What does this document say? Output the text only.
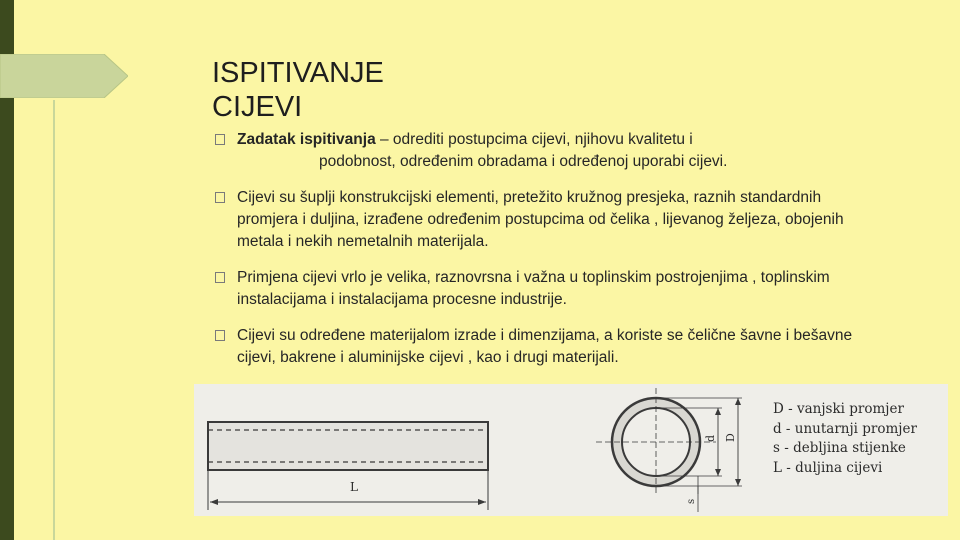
ISPITIVANJE
CIJEVI
Zadatak ispitivanja – odrediti postupcima cijevi, njihovu kvalitetu i
podobnost, određenim obradama i određenoj uporabi cijevi.
Cijevi su šuplji konstrukcijski elementi, pretežito kružnog presjeka, raznih standardnih promjera i duljina, izrađene određenim postupcima od čelika , lijevanog željeza, obojenih metala i nekih nemetalnih materijala.
Primjena cijevi vrlo je velika, raznovrsna i važna u toplinskim postrojenjima , toplinskim instalacijama i instalacijama procesne industrije.
Cijevi su određene materijalom izrade i dimenzijama, a koriste se čelične šavne i bešavne cijevi, bakrene i aluminijske cijevi , kao i drugi materijali.
L
d D
s
D - vanjski promjer
d - unutarnji promjer
s - debljina stijenke
L - duljina cijevi
